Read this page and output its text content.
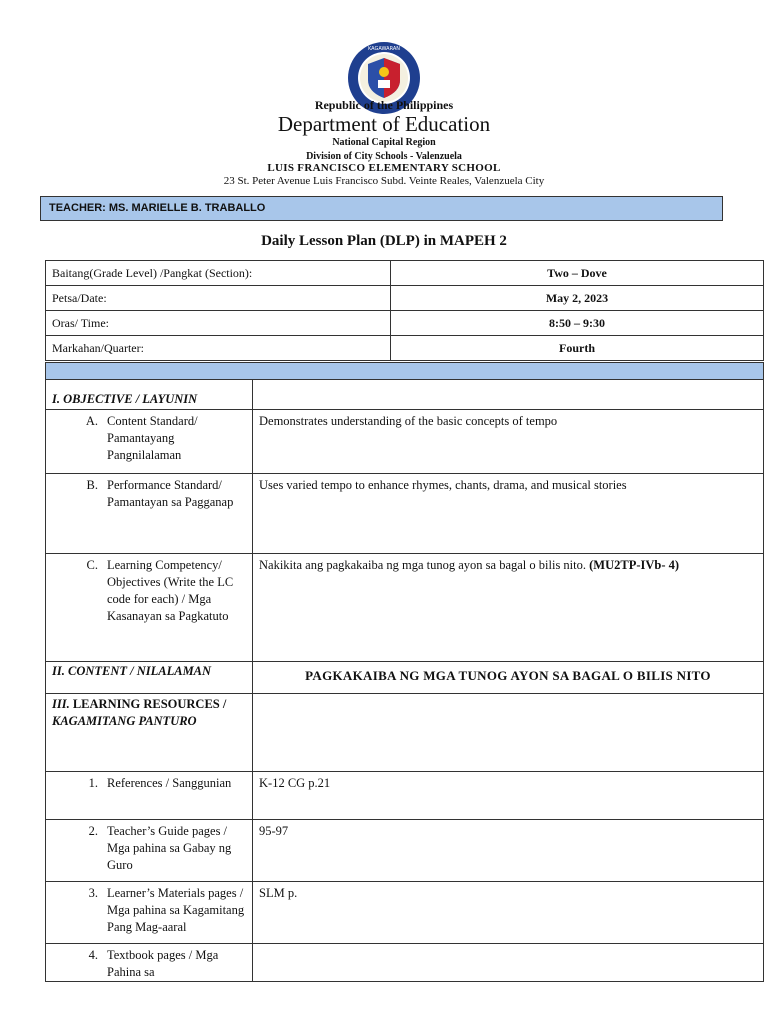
KAGAWARAN
Republic of the Philippines
Department of Education
National Capital Region
Division of City Schools - Valenzuela
LUIS FRANCISCO ELEMENTARY SCHOOL
23 St. Peter Avenue Luis Francisco Subd. Veinte Reales, Valenzuela City
TEACHER: MS. MARIELLE B. TRABALLO
Daily Lesson Plan (DLP) in MAPEH 2
Baitang(Grade Level) /Pangkat (Section):	Two – Dove
Petsa/Date:	May 2, 2023
Oras/ Time:	8:50 – 9:30
Markahan/Quarter:	Fourth

I. OBJECTIVE / LAYUNIN	

A. Content Standard/ Pamantayang Pangnilalaman	Demonstrates understanding of the basic concepts of tempo

B. Performance Standard/ Pamantayan sa Pagganap	Uses varied tempo to enhance rhymes, chants, drama, and musical stories

C. Learning Competency/ Objectives (Write the LC code for each) / Mga Kasanayan sa Pagkatuto	Nakikita ang pagkakaiba ng mga tunog ayon sa bagal o bilis nito. (MU2TP-IVb- 4)

II. CONTENT / NILALAMAN	PAGKAKAIBA NG MGA TUNOG AYON SA BAGAL O BILIS NITO
III. LEARNING RESOURCES /
KAGAMITANG PANTURO	

1. References / Sanggunian	K-12 CG p.21

2. Teacher’s Guide pages / Mga pahina sa Gabay ng Guro	95-97

3. Learner’s Materials pages / Mga pahina sa Kagamitang Pang Mag-aaral	SLM p.

4. Textbook pages / Mga Pahina sa	
